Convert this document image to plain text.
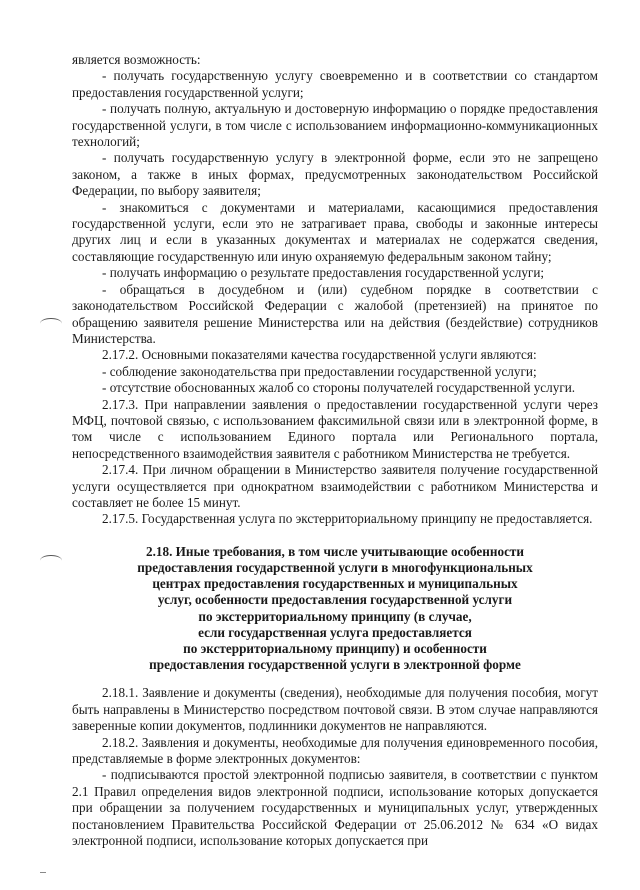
является возможность:

- получать государственную услугу своевременно и в соответствии со стандартом предоставления государственной услуги;

- получать полную, актуальную и достоверную информацию о порядке предоставления государственной услуги, в том числе с использованием информационно-коммуникационных технологий;

- получать государственную услугу в электронной форме, если это не запрещено законом, а также в иных формах, предусмотренных законодательством Российской Федерации, по выбору заявителя;

- знакомиться с документами и материалами, касающимися предоставления государственной услуги, если это не затрагивает права, свободы и законные интересы других лиц и если в указанных документах и материалах не содержатся сведения, составляющие государственную или иную охраняемую федеральным законом тайну;

- получать информацию о результате предоставления государственной услуги;

- обращаться в досудебном и (или) судебном порядке в соответствии с законодательством Российской Федерации с жалобой (претензией) на принятое по обращению заявителя решение Министерства или на действия (бездействие) сотрудников Министерства.

2.17.2. Основными показателями качества государственной услуги являются:

- соблюдение законодательства при предоставлении государственной услуги;

- отсутствие обоснованных жалоб со стороны получателей государственной услуги.

2.17.3. При направлении заявления о предоставлении государственной услуги через МФЦ, почтовой связью, с использованием факсимильной связи или в электронной форме, в том числе с использованием Единого портала или Регионального портала, непосредственного взаимодействия заявителя с работником Министерства не требуется.

2.17.4. При личном обращении в Министерство заявителя получение государственной услуги осуществляется при однократном взаимодействии с работником Министерства и составляет не более 15 минут.

2.17.5. Государственная услуга по экстерриториальному принципу не предоставляется.

2.18. Иные требования, в том числе учитывающие особенности
предоставления государственной услуги в многофункциональных
центрах предоставления государственных и муниципальных
услуг, особенности предоставления государственной услуги
по экстерриториальному принципу (в случае,
если государственная услуга предоставляется
по экстерриториальному принципу) и особенности
предоставления государственной услуги в электронной форме

2.18.1. Заявление и документы (сведения), необходимые для получения пособия, могут быть направлены в Министерство посредством почтовой связи. В этом случае направляются заверенные копии документов, подлинники документов не направляются.

2.18.2. Заявления и документы, необходимые для получения единовременного пособия, представляемые в форме электронных документов:

- подписываются простой электронной подписью заявителя, в соответствии с пунктом 2.1 Правил определения видов электронной подписи, использование которых допускается при обращении за получением государственных и муниципальных услуг, утвержденных постановлением Правительства Российской Федерации от 25.06.2012 № 634 «О видах электронной подписи, использование которых допускается при
